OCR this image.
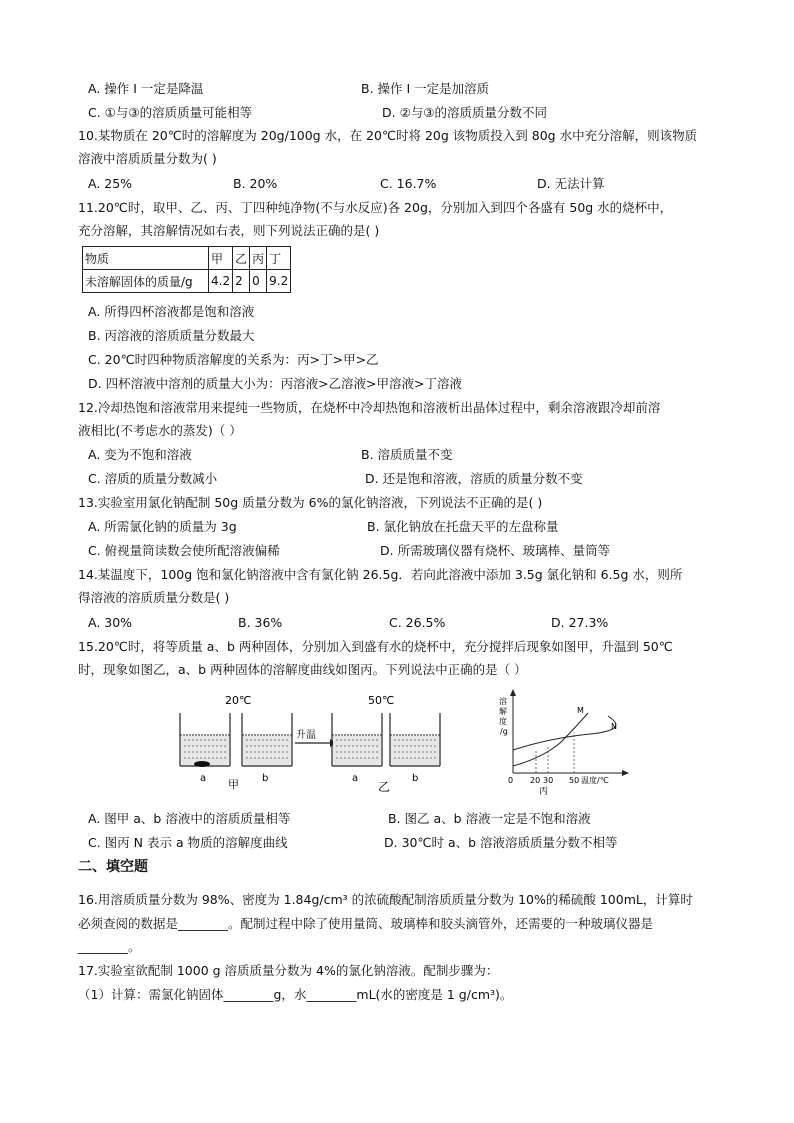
A. 操作 I 一定是降温	B. 操作 I 一定是加溶质
C. ①与③的溶质质量可能相等	D. ②与③的溶质质量分数不同
10.某物质在 20℃时的溶解度为 20g/100g 水，在 20℃时将 20g 该物质投入到 80g 水中充分溶解，则该物质
溶液中溶质质量分数为( )
A. 25%	B. 20%	C. 16.7%	D. 无法计算
11.20℃时，取甲、乙、丙、丁四种纯净物(不与水反应)各 20g，分别加入到四个各盛有 50g 水的烧杯中，
充分溶解，其溶解情况如右表，则下列说法正确的是( )
物质	甲	乙	丙	丁
未溶解固体的质量/g	4.2	2	0	9.2
A. 所得四杯溶液都是饱和溶液
B. 丙溶液的溶质质量分数最大
C. 20℃时四种物质溶解度的关系为：丙>丁>甲>乙
D. 四杯溶液中溶剂的质量大小为：丙溶液>乙溶液>甲溶液>丁溶液
12.冷却热饱和溶液常用来提纯一些物质，在烧杯中冷却热饱和溶液析出晶体过程中，剩余溶液跟冷却前溶
液相比(不考虑水的蒸发)（ ）
A. 变为不饱和溶液	B. 溶质质量不变
C. 溶质的质量分数减小	D. 还是饱和溶液，溶质的质量分数不变
13.实验室用氯化钠配制 50g 质量分数为 6%的氯化钠溶液，下列说法不正确的是( )
A. 所需氯化钠的质量为 3g	B. 氯化钠放在托盘天平的左盘称量
C. 俯视量筒读数会使所配溶液偏稀	D. 所需玻璃仪器有烧杯、玻璃棒、量筒等
14.某温度下，100g 饱和氯化钠溶液中含有氯化钠 26.5g．若向此溶液中添加 3.5g 氯化钠和 6.5g 水，则所
得溶液的溶质质量分数是( )
A. 30%	B. 36%	C. 26.5%	D. 27.3%
15.20℃时，将等质量 a、b 两种固体，分别加入到盛有水的烧杯中，充分搅拌后现象如图甲，升温到 50℃
时，现象如图乙，a、b 两种固体的溶解度曲线如图丙。下列说法中正确的是（ ）
20℃
a	b
甲
升温
50℃
a	b
乙
溶
解
度
/g
0 20 30 50 温度/℃
M
N
丙
A. 图甲 a、b 溶液中的溶质质量相等	B. 图乙 a、b 溶液一定是不饱和溶液
C. 图丙 N 表示 a 物质的溶解度曲线	D. 30℃时 a、b 溶液溶质质量分数不相等
二、填空题
16.用溶质质量分数为 98%、密度为 1.84g/cm³ 的浓硫酸配制溶质质量分数为 10%的稀硫酸 100mL，计算时
必须查阅的数据是________。配制过程中除了使用量筒、玻璃棒和胶头滴管外，还需要的一种玻璃仪器是
________。
17.实验室欲配制 1000 g 溶质质量分数为 4%的氯化钠溶液。配制步骤为：
（1）计算：需氯化钠固体________g，水________mL(水的密度是 1 g/cm³)。
